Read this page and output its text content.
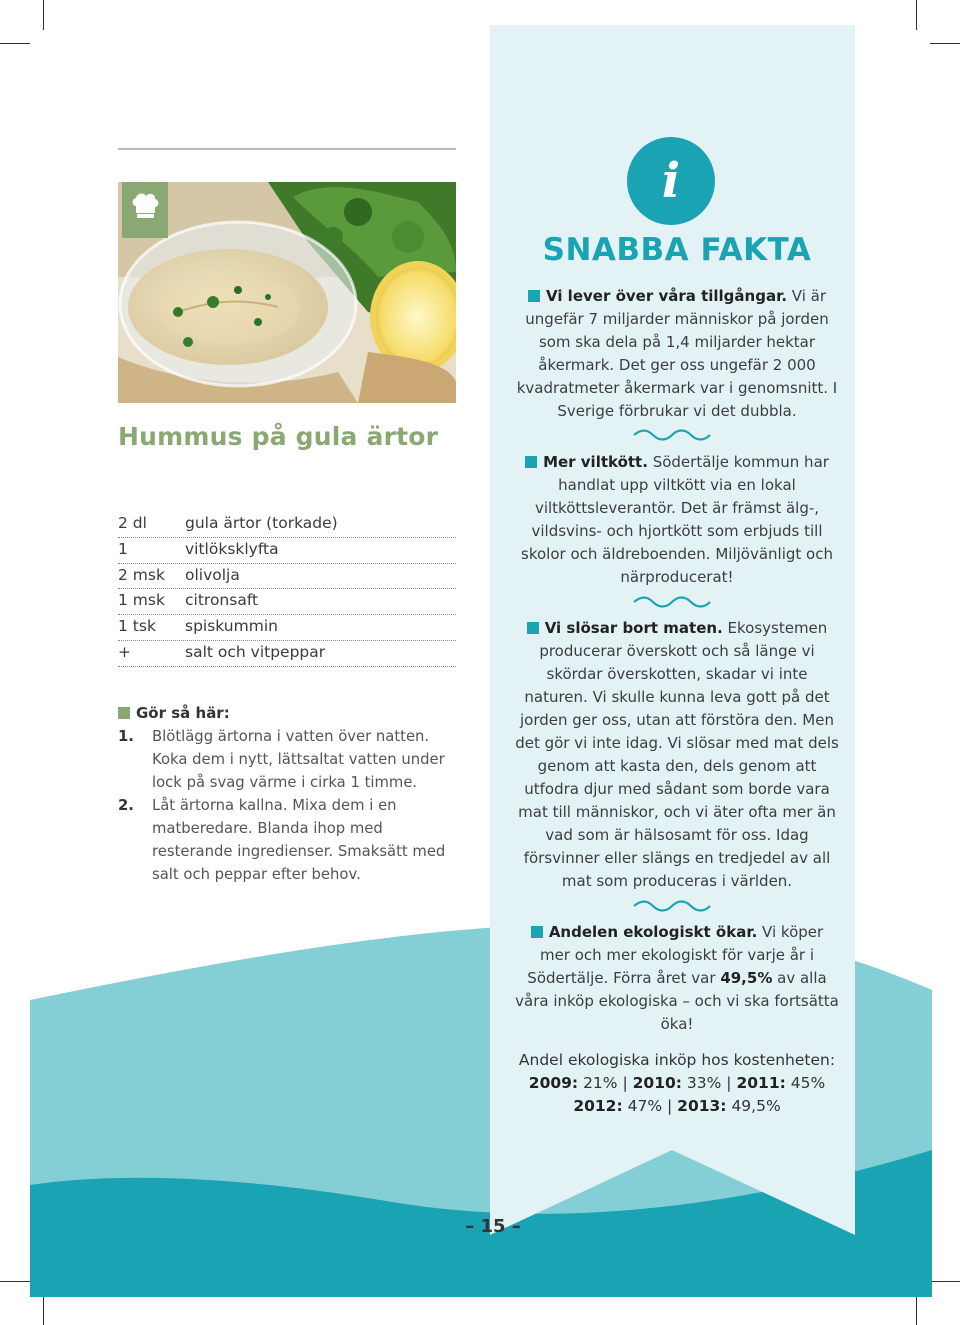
Hummus på gula ärtor
2 dl gula ärtor (torkade)
1	vitlöksklyfta
2 msk olivolja
1 msk citronsaft
1 tsk spiskummin
+	salt och vitpeppar
Gör så här:
1. Blötlägg ärtorna i vatten över natten. Koka dem i nytt, lättsaltat vatten under lock på svag värme i cirka 1 timme.
2. Låt ärtorna kallna. Mixa dem i en matberedare. Blanda ihop med resterande ingredienser. Smaksätt med salt och peppar efter behov.
– 15 –
i
SNABBA FAKTA
Vi lever över våra tillgångar. Vi är ungefär 7 miljarder människor på jorden som ska dela på 1,4 miljarder hektar åkermark. Det ger oss ungefär 2 000 kvadratmeter åkermark var i genomsnitt. I Sverige förbrukar vi det dubbla.
Mer viltkött. Södertälje kommun har handlat upp viltkött via en lokal viltköttsleverantör. Det är främst älg-, vildsvins- och hjortkött som erbjuds till skolor och äldreboenden. Miljövänligt och närproducerat!
Vi slösar bort maten. Ekosystemen producerar överskott och så länge vi skördar överskotten, skadar vi inte naturen. Vi skulle kunna leva gott på det jorden ger oss, utan att förstöra den. Men det gör vi inte idag. Vi slösar med mat dels genom att kasta den, dels genom att utfodra djur med sådant som borde vara mat till människor, och vi äter ofta mer än vad som är hälsosamt för oss. Idag försvinner eller slängs en tredjedel av all mat som produceras i världen.
Andelen ekologiskt ökar. Vi köper mer och mer ekologiskt för varje år i Södertälje. Förra året var 49,5% av alla våra inköp ekologiska – och vi ska fortsätta öka!
Andel ekologiska inköp hos kostenheten:
2009: 21% | 2010: 33% | 2011: 45%
2012: 47% | 2013: 49,5%
